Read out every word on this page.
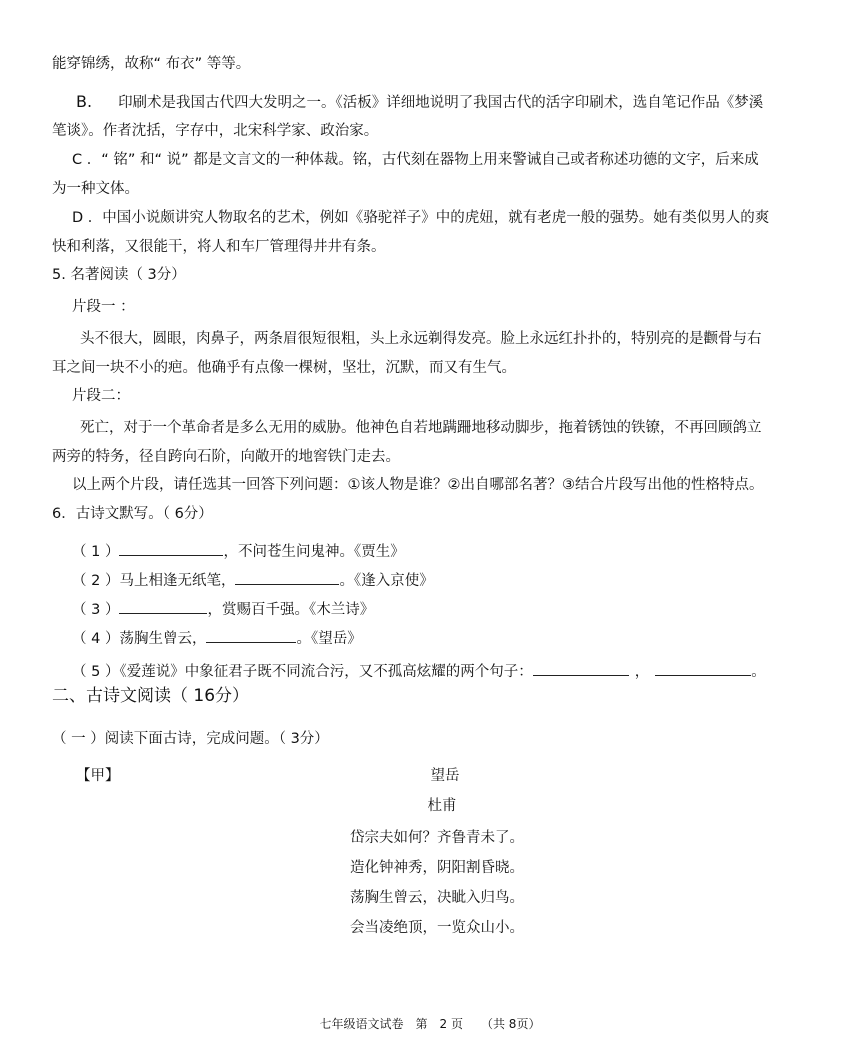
能穿锦绣，故称“ 布衣” 等等。
B. 印刷术是我国古代四大发明之一。《活板》详细地说明了我国古代的活字印刷术，选自笔记作品《梦溪
笔谈》。作者沈括，字存中，北宋科学家、政治家。
C ．“ 铭” 和“ 说” 都是文言文的一种体裁。铭，古代刻在器物上用来警诫自己或者称述功德的文字，后来成
为一种文体。
D ．中国小说颇讲究人物取名的艺术，例如《骆驼祥子》中的虎妞，就有老虎一般的强势。她有类似男人的爽
快和利落，又很能干，将人和车厂管理得井井有条。
5. 名著阅读（ 3分）
片段一 ：
头不很大，圆眼，肉鼻子，两条眉很短很粗，头上永远剃得发亮。脸上永远红扑扑的，特别亮的是颧骨与右
耳之间一块不小的疤。他确乎有点像一棵树，坚壮，沉默，而又有生气。
片段二：
死亡，对于一个革命者是多么无用的威胁。他神色自若地蹒跚地移动脚步，拖着锈蚀的铁镣，不再回顾鸽立
两旁的特务，径自跨向石阶，向敞开的地窖铁门走去。
以上两个片段，请任选其一回答下列问题：①该人物是谁？②出自哪部名著？③结合片段写出他的性格特点。
6．古诗文默写。（ 6分）
（ 1 ）	，不问苍生问鬼神。《贾生》
（ 2 ）马上相逢无纸笔，	。《逢入京使》
（ 3 ）	，赏赐百千强。《木兰诗》
（ 4 ）荡胸生曾云，	。《望岳》
（ 5 ）《爱莲说》中象征君子既不同流合污，又不孤高炫耀的两个句子：	，	。
二、古诗文阅读（ 16分）
（ 一 ）阅读下面古诗，完成问题。（ 3分）
【甲】	望岳
杜甫
岱宗夫如何？齐鲁青未了。
造化钟神秀，阴阳割昏晓。
荡胸生曾云，决眦入归鸟。
会当凌绝顶，一览众山小。
七年级语文试卷　第　2 页　　（共 8页）
